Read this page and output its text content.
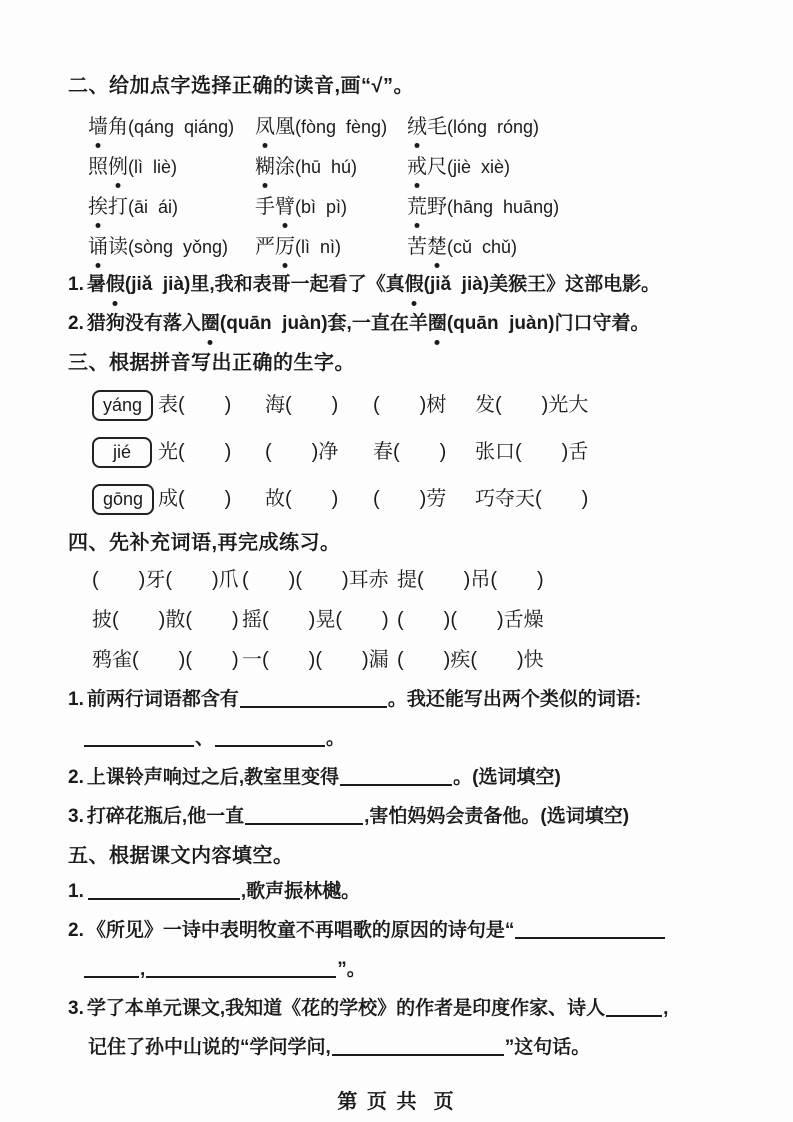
二、给加点字选择正确的读音,画“√”。
墙角(qáng  qiáng)	凤凰(fòng  fèng) 绒毛(lóng  róng)
照例(lì  liè)	糊涂(hū  hú)	戒尺(jiè  xiè)
挨打(āi  ái)	手臂(bì  pì)	荒野(hāng  huāng)
诵读(sòng  yǒng)	严厉(lì  nì)	苦楚(cǔ  chǔ)
1. 暑假(jiǎ  jià)里,我和表哥一起看了《真假(jiǎ  jià)美猴王》这部电影。
2. 猎狗没有落入圈(quān  juàn)套,一直在羊圈(quān  juàn)门口守着。
三、根据拼音写出正确的生字。
yáng 表(　　)	海(　　)	(　　)树	发(　　)光大
jié	光(　　)	(　　)净	春(　　)	张口(　　)舌
gōng 成(　　)	故(　　)	(　　)劳	巧夺天(　　)
四、先补充词语,再完成练习。
(　　)牙(　　)爪 (　　)(　　)耳赤 提(　　)吊(　　)
披(　　)散(　　) 摇(　　)晃(　　) (　　)(　　)舌燥
鸦雀(　　)(　　) 一(　　)(　　)漏 (　　)疾(　　)快
1. 前两行词语都含有	。我还能写出两个类似的词语:
、	。
2. 上课铃声响过之后,教室里变得	。(选词填空)
3. 打碎花瓶后,他一直	,害怕妈妈会责备他。(选词填空)
五、根据课文内容填空。
1.	,歌声振林樾。
2. 《所见》一诗中表明牧童不再唱歌的原因的诗句是“
,	”。
3. 学了本单元课文,我知道《花的学校》的作者是印度作家、诗人	,
记住了孙中山说的“学问学问,	”这句话。
第 页 共  页
